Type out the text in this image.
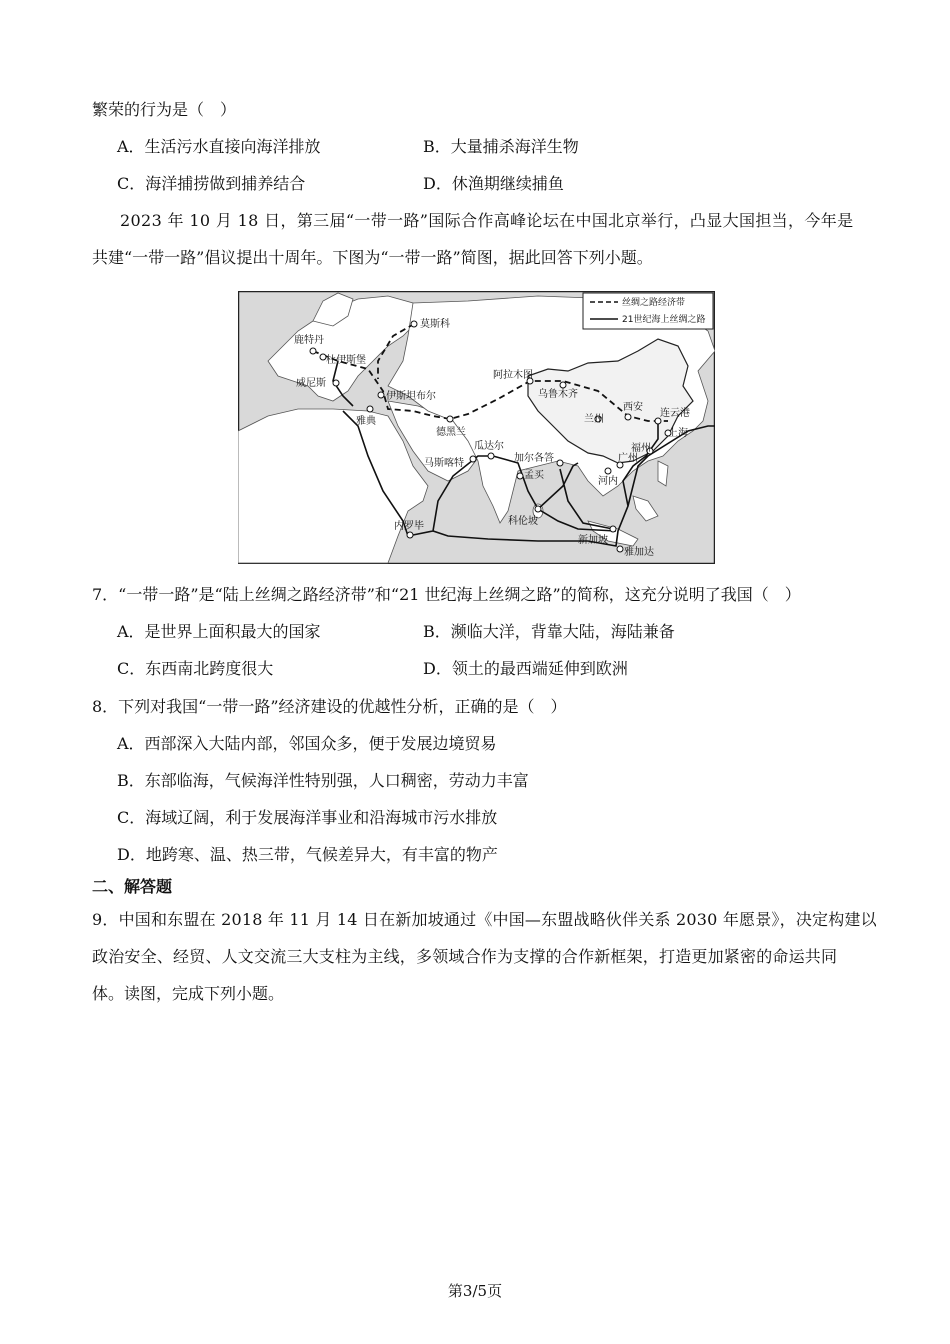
繁荣的行为是（　）
A．生活污水直接向海洋排放	B．大量捕杀海洋生物
C．海洋捕捞做到捕养结合	D．休渔期继续捕鱼
2023 年 10 月 18 日，第三届“一带一路”国际合作高峰论坛在中国北京举行，凸显大国担当，今年是
共建“一带一路”倡议提出十周年。下图为“一带一路”简图，据此回答下列小题。
丝绸之路经济带
21世纪海上丝绸之路
莫斯科
鹿特丹
杜伊斯堡
威尼斯
伊斯坦布尔
雅典
德黑兰
阿拉木图
乌鲁木齐
兰州
西安
连云港
上海
福州
广州
河内
瓜达尔
马斯喀特	加尔各答
孟买
科伦坡
内罗毕
新加坡
雅加达
7．“一带一路”是“陆上丝绸之路经济带”和“21 世纪海上丝绸之路”的简称，这充分说明了我国（　）
A．是世界上面积最大的国家	B．濒临大洋，背靠大陆，海陆兼备
C．东西南北跨度很大	D．领土的最西端延伸到欧洲
8．下列对我国“一带一路”经济建设的优越性分析，正确的是（　）
A．西部深入大陆内部，邻国众多，便于发展边境贸易
B．东部临海，气候海洋性特别强，人口稠密，劳动力丰富
C．海域辽阔，利于发展海洋事业和沿海城市污水排放
D．地跨寒、温、热三带，气候差异大，有丰富的物产
二、解答题
9．中国和东盟在 2018 年 11 月 14 日在新加坡通过《中国—东盟战略伙伴关系 2030 年愿景》，决定构建以
政治安全、经贸、人文交流三大支柱为主线，多领域合作为支撑的合作新框架，打造更加紧密的命运共同
体。读图，完成下列小题。
第3/5页
